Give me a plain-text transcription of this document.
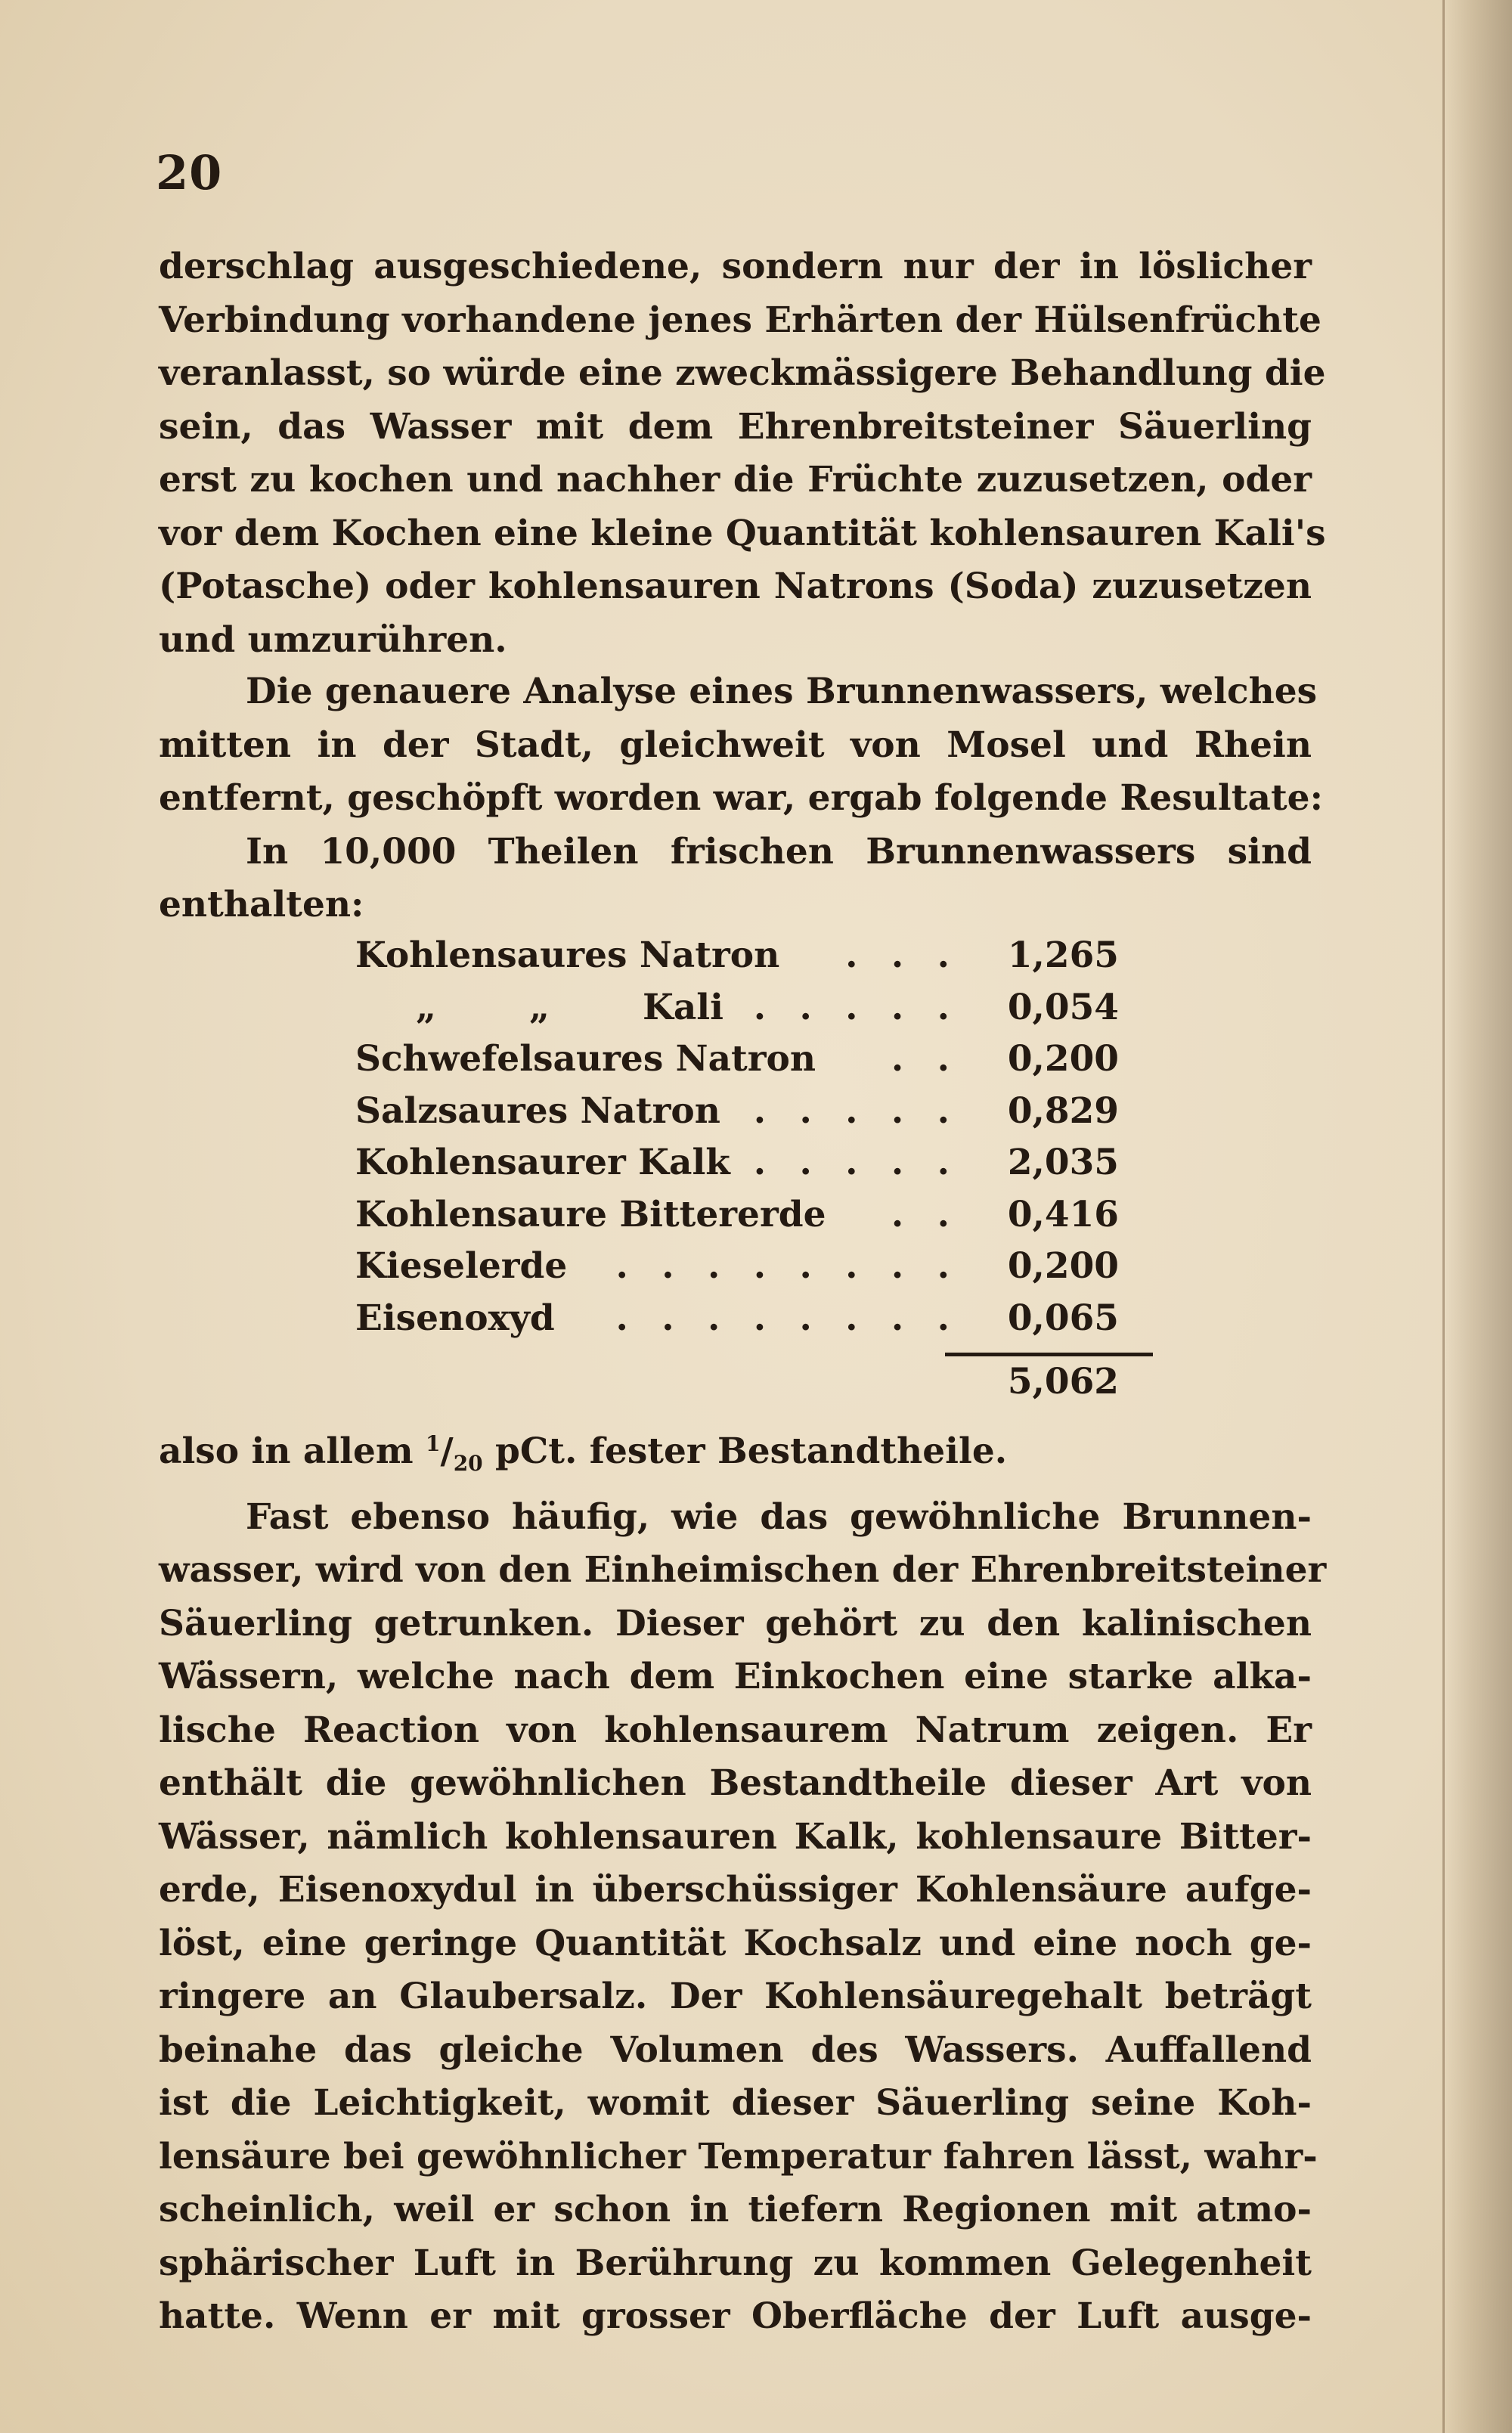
20
derschlag ausgeschiedene, sondern nur der in löslicher
Verbindung vorhandene jenes Erhärten der Hülsenfrüchte
veranlasst, so würde eine zweckmässigere Behandlung die
sein, das Wasser mit dem Ehrenbreitsteiner Säuerling
erst zu kochen und nachher die Früchte zuzusetzen, oder
vor dem Kochen eine kleine Quantität kohlensauren Kali's
(Potasche) oder kohlensauren Natrons (Soda) zuzusetzen
und umzurühren.
Die genauere Analyse eines Brunnenwassers, welches
mitten in der Stadt, gleichweit von Mosel und Rhein
entfernt, geschöpft worden war, ergab folgende Resultate:
In 10,000 Theilen frischen Brunnenwassers sind
enthalten:
Kohlensaures Natron	. . .	1,265
„	„	Kali . . . . .	0,054
Schwefelsaures Natron	. .	0,200
Salzsaures Natron . . . . .	0,829
Kohlensaurer Kalk . . . . .	2,035
Kohlensaure Bittererde	. .	0,416
Kieselerde	. . . . . . . .	0,200
Eisenoxyd	. . . . . . . .	0,065
5,062
also in allem $^1/_{20}$ pCt. fester Bestandtheile.
Fast ebenso häufig, wie das gewöhnliche Brunnen-
wasser, wird von den Einheimischen der Ehrenbreitsteiner
Säuerling getrunken. Dieser gehört zu den kalinischen
Wässern, welche nach dem Einkochen eine starke alka-
lische Reaction von kohlensaurem Natrum zeigen. Er
enthält die gewöhnlichen Bestandtheile dieser Art von
Wässer, nämlich kohlensauren Kalk, kohlensaure Bitter-
erde, Eisenoxydul in überschüssiger Kohlensäure aufge-
löst, eine geringe Quantität Kochsalz und eine noch ge-
ringere an Glaubersalz. Der Kohlensäuregehalt beträgt
beinahe das gleiche Volumen des Wassers. Auffallend
ist die Leichtigkeit, womit dieser Säuerling seine Koh-
lensäure bei gewöhnlicher Temperatur fahren lässt, wahr-
scheinlich, weil er schon in tiefern Regionen mit atmo-
sphärischer Luft in Berührung zu kommen Gelegenheit
hatte. Wenn er mit grosser Oberfläche der Luft ausge-
